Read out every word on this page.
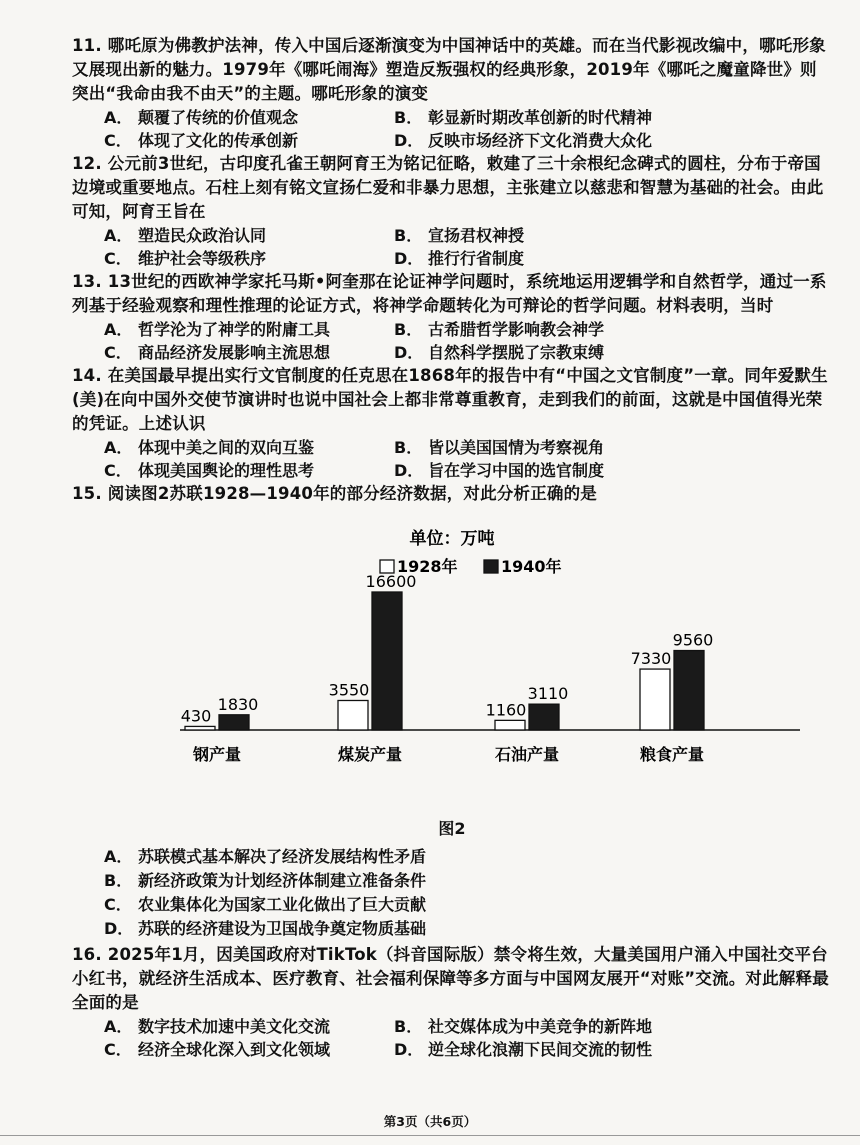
11. 哪吒原为佛教护法神，传入中国后逐渐演变为中国神话中的英雄。而在当代影视改编中，哪吒形象又展现出新的魅力。1979年《哪吒闹海》塑造反叛强权的经典形象，2019年《哪吒之魔童降世》则突出“我命由我不由天”的主题。哪吒形象的演变

A． 颠覆了传统的价值观念	B． 彰显新时期改革创新的时代精神
C． 体现了文化的传承创新	D． 反映市场经济下文化消费大众化

12. 公元前3世纪，古印度孔雀王朝阿育王为铭记征略，敕建了三十余根纪念碑式的圆柱，分布于帝国边境或重要地点。石柱上刻有铭文宣扬仁爱和非暴力思想，主张建立以慈悲和智慧为基础的社会。由此可知，阿育王旨在

A． 塑造民众政治认同	B． 宣扬君权神授
C． 维护社会等级秩序	D． 推行行省制度

13. 13世纪的西欧神学家托马斯•阿奎那在论证神学问题时，系统地运用逻辑学和自然哲学，通过一系列基于经验观察和理性推理的论证方式，将神学命题转化为可辩论的哲学问题。材料表明，当时

A． 哲学沦为了神学的附庸工具	B． 古希腊哲学影响教会神学
C． 商品经济发展影响主流思想	D． 自然科学摆脱了宗教束缚

14. 在美国最早提出实行文官制度的任克思在1868年的报告中有“中国之文官制度”一章。同年爱默生(美)在向中国外交使节演讲时也说中国社会上都非常尊重教育，走到我们的前面，这就是中国值得光荣的凭证。上述认识

A． 体现中美之间的双向互鉴	B． 皆以美国国情为考察视角
C． 体现美国舆论的理性思考	D． 旨在学习中国的选官制度

15. 阅读图2苏联1928—1940年的部分经济数据，对此分析正确的是

单位：万吨
1928年	1940年
430
1830
钢产量
3550
16600
煤炭产量
1160
3110
石油产量
7330
9560
粮食产量
图2
A． 苏联模式基本解决了经济发展结构性矛盾
B． 新经济政策为计划经济体制建立准备条件
C． 农业集体化为国家工业化做出了巨大贡献
D． 苏联的经济建设为卫国战争奠定物质基础

16. 2025年1月，因美国政府对TikTok（抖音国际版）禁令将生效，大量美国用户涌入中国社交平台小红书，就经济生活成本、医疗教育、社会福利保障等多方面与中国网友展开“对账”交流。对此解释最全面的是

A． 数字技术加速中美文化交流	B． 社交媒体成为中美竞争的新阵地
C． 经济全球化深入到文化领域	D． 逆全球化浪潮下民间交流的韧性
第3页（共6页）
